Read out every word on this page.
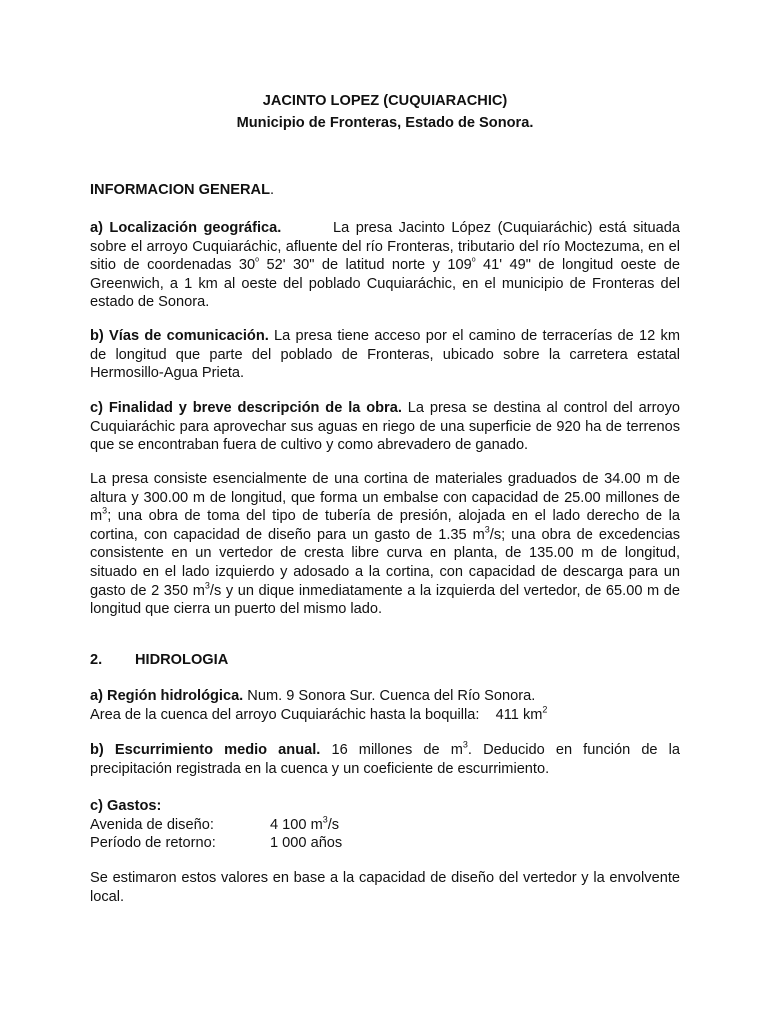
JACINTO LOPEZ (CUQUIARACHIC)
Municipio de Fronteras, Estado de Sonora.
INFORMACION GENERAL.
a) Localización geográfica.	La presa Jacinto López (Cuquiaráchic) está situada sobre el arroyo Cuquiaráchic, afluente del río Fronteras, tributario del río Moctezuma, en el sitio de coordenadas 30$^o$ 52' 30" de latitud norte y 109$^o$ 41' 49" de longitud oeste de Greenwich, a 1 km al oeste del poblado Cuquiaráchic, en el municipio de Fronteras del estado de Sonora.
b) Vías de comunicación. La presa tiene acceso por el camino de terracerías de 12 km de longitud que parte del poblado de Fronteras, ubicado sobre la carretera estatal Hermosillo-Agua Prieta.
c) Finalidad y breve descripción de la obra. La presa se destina al control del arroyo Cuquiaráchic para aprovechar sus aguas en riego de una superficie de 920 ha de terrenos que se encontraban fuera de cultivo y como abrevadero de ganado.
La presa consiste esencialmente de una cortina de materiales graduados de 34.00 m de altura y 300.00 m de longitud, que forma un embalse con capacidad de 25.00 millones de $m^3$; una obra de toma del tipo de tubería de presión, alojada en el lado derecho de la cortina, con capacidad de diseño para un gasto de 1.35 $m^3/s$; una obra de excedencias consistente en un vertedor de cresta libre curva en planta, de 135.00 m de longitud, situado en el lado izquierdo y adosado a la cortina, con capacidad de descarga para un gasto de 2 350 $m^3/s$ y un dique inmediatamente a la izquierda del vertedor, de 65.00 m de longitud que cierra un puerto del mismo lado.
2. HIDROLOGIA
a) Región hidrológica. Num. 9 Sonora Sur. Cuenca del Río Sonora.
Area de la cuenca del arroyo Cuquiaráchic hasta la boquilla:    411 $km^2$
b) Escurrimiento medio anual. 16 millones de $m^3$. Deducido en función de la precipitación registrada en la cuenca y un coeficiente de escurrimiento.
c) Gastos:
Avenida de diseño:	4 100 $m^3/s$
Período de retorno:	1 000 años
Se estimaron estos valores en base a la capacidad de diseño del vertedor y la envolvente local.
